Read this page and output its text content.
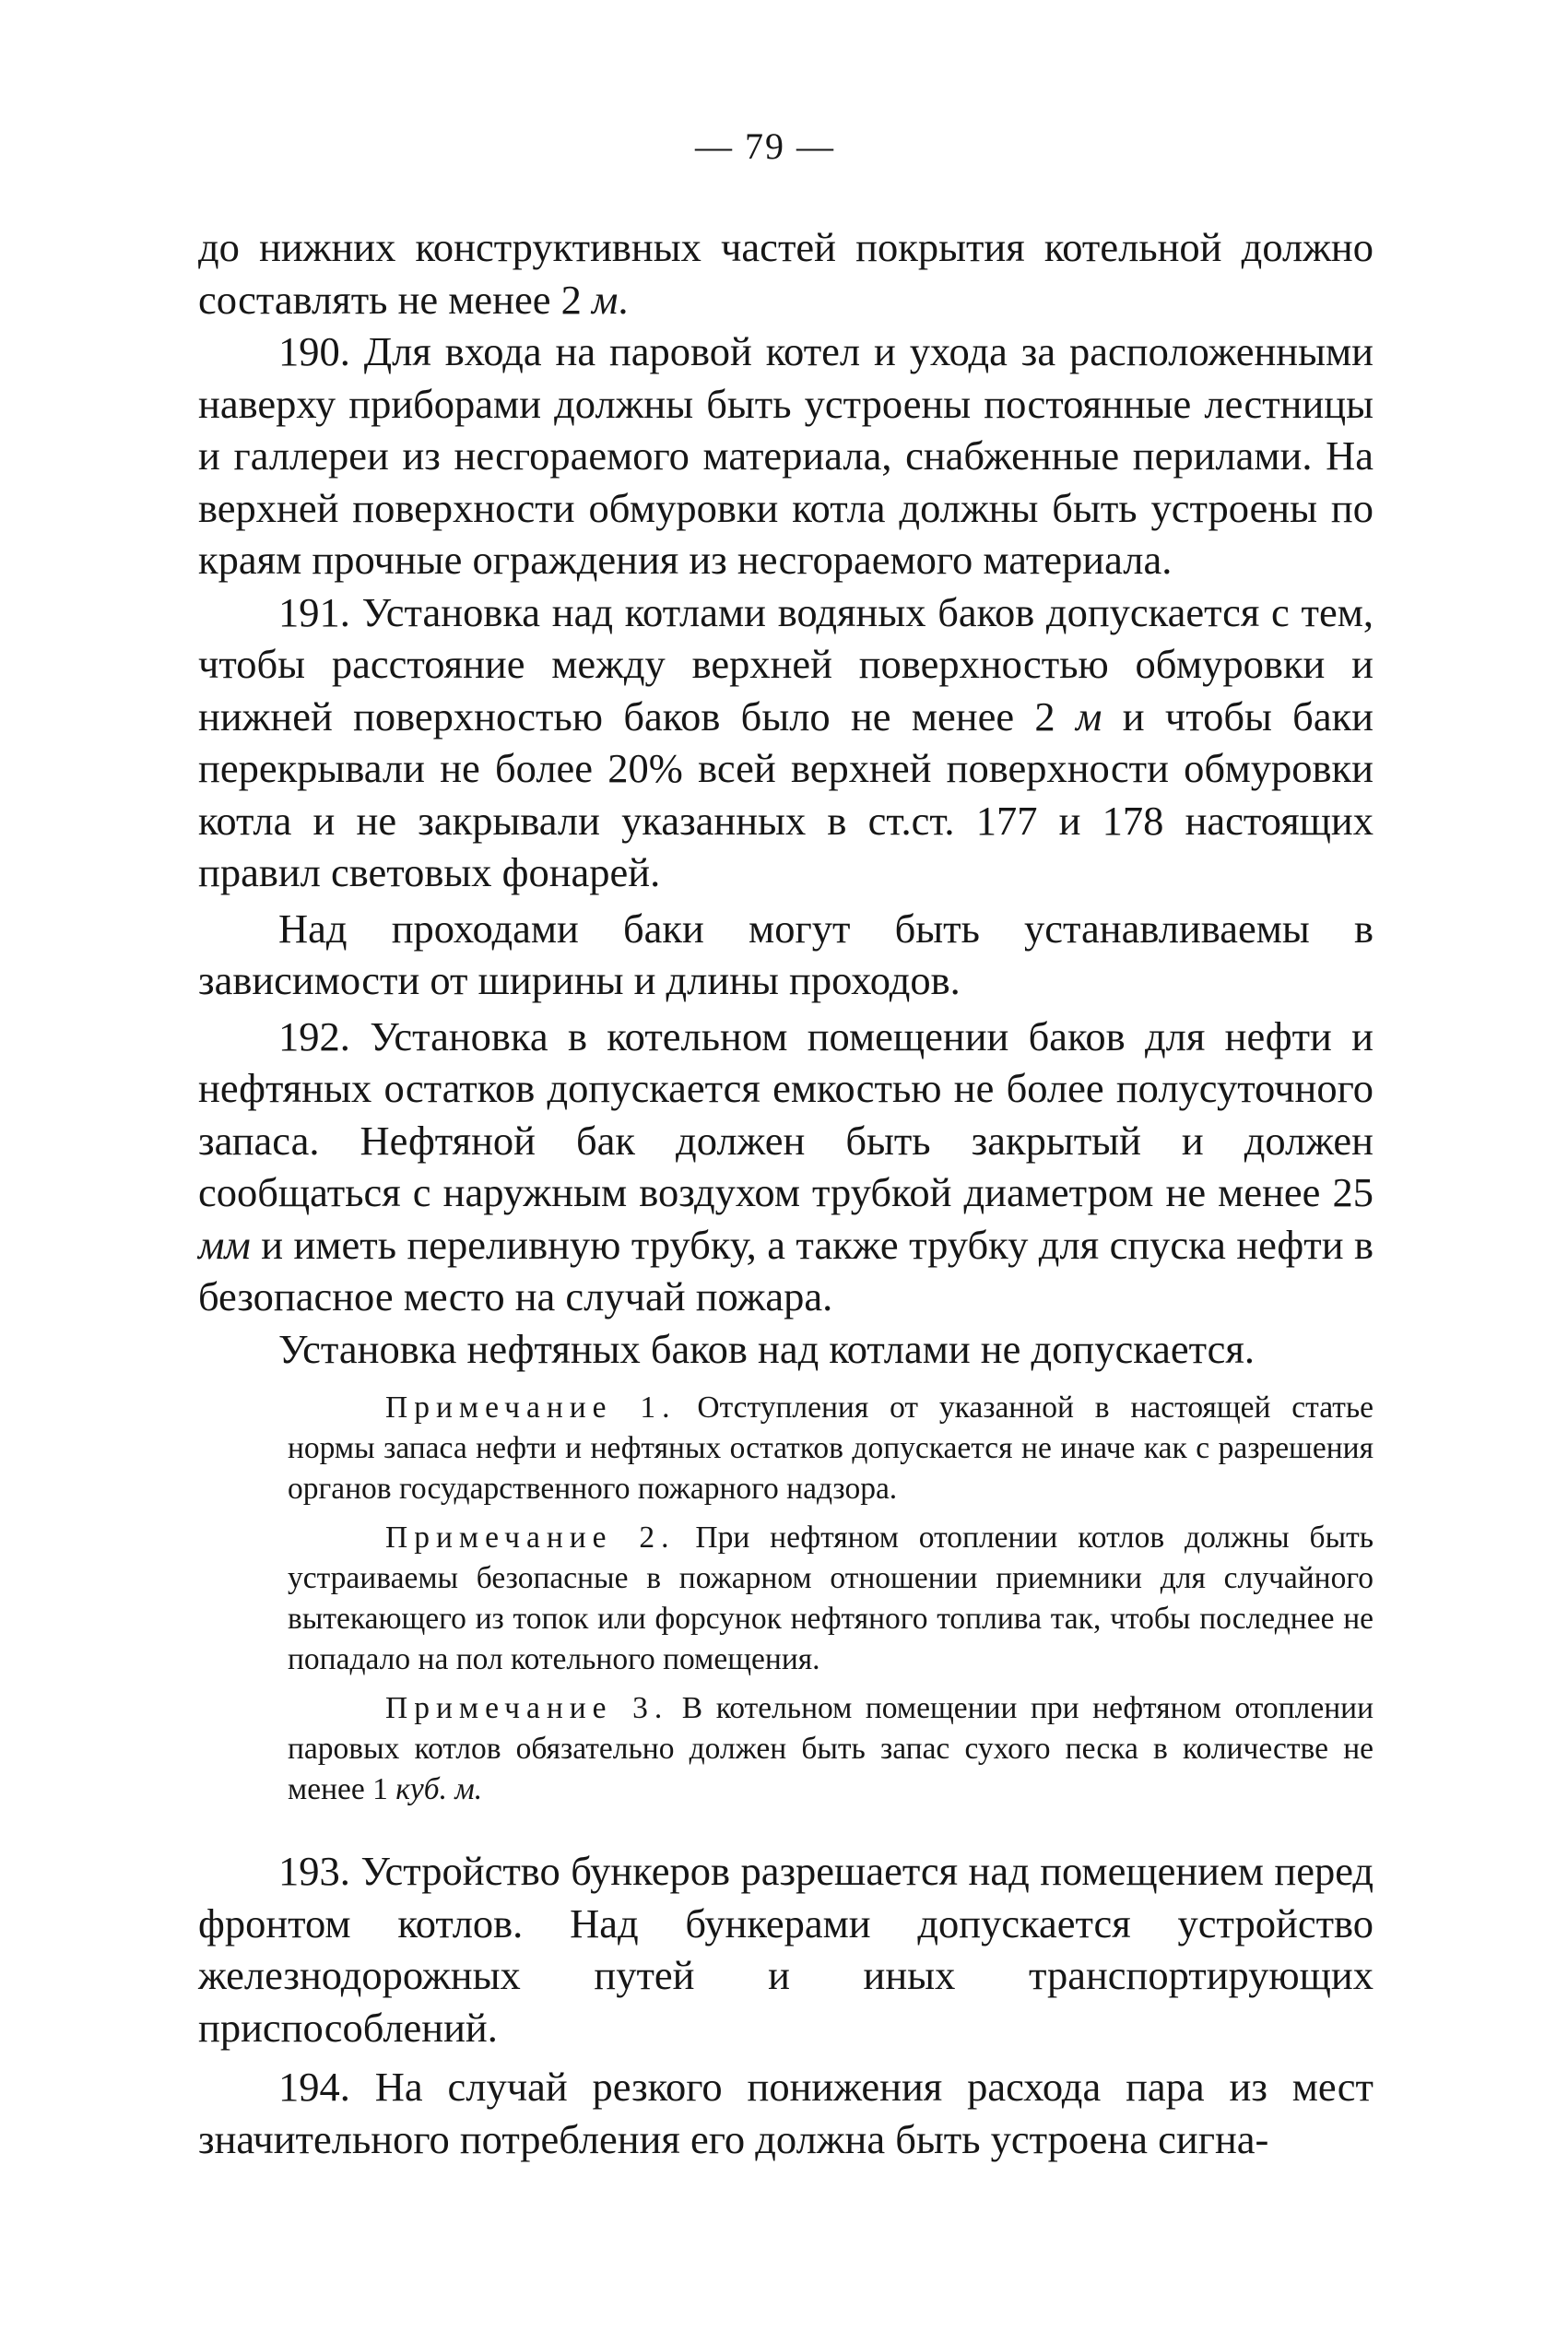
— 79 —

до нижних конструктивных частей покрытия котельной должно составлять не менее 2 м.

190. Для входа на паровой котел и ухода за расположенными наверху приборами должны быть устроены постоянные лестницы и галлереи из несгораемого материала, снабженные перилами. На верхней поверхности обмуровки котла должны быть устроены по краям прочные ограждения из несгораемого материала.

191. Установка над котлами водяных баков допускается с тем, чтобы расстояние между верхней поверхностью обмуровки и нижней поверхностью баков было не менее 2 м и чтобы баки перекрывали не более 20% всей верхней поверхности обмуровки котла и не закрывали указанных в ст.ст. 177 и 178 настоящих правил световых фонарей.

Над проходами баки могут быть устанавливаемы в зависимости от ширины и длины проходов.

192. Установка в котельном помещении баков для нефти и нефтяных остатков допускается емкостью не более полусуточного запаса. Нефтяной бак должен быть закрытый и должен сообщаться с наружным воздухом трубкой диаметром не менее 25 мм и иметь переливную трубку, а также трубку для спуска нефти в безопасное место на случай пожара.

Установка нефтяных баков над котлами не допускается.

Примечание 1. Отступления от указанной в настоящей статье нормы запаса нефти и нефтяных остатков допускается не иначе как с разрешения органов государственного пожарного надзора.

Примечание 2. При нефтяном отоплении котлов должны быть устраиваемы безопасные в пожарном отношении приемники для случайного вытекающего из топок или форсунок нефтяного топлива так, чтобы последнее не попадало на пол котельного помещения.

Примечание 3. В котельном помещении при нефтяном отоплении паровых котлов обязательно должен быть запас сухого песка в количестве не менее 1 куб. м.

193. Устройство бункеров разрешается над помещением перед фронтом котлов. Над бункерами допускается устройство железнодорожных путей и иных транспортирующих приспособлений.

194. На случай резкого понижения расхода пара из мест значительного потребления его должна быть устроена сигна-
